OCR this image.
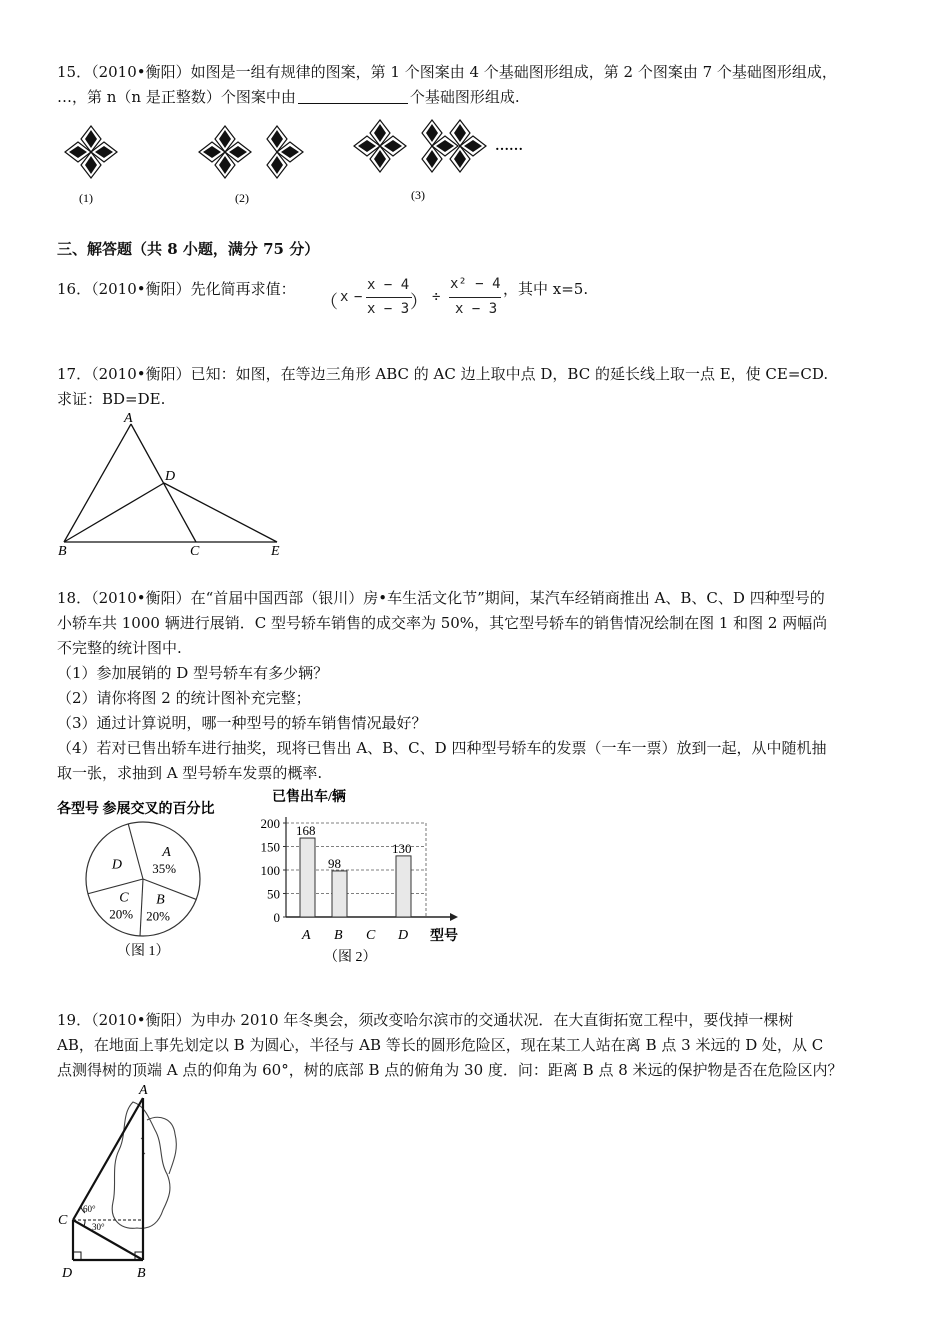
15．（2010•衡阳）如图是一组有规律的图案，第 1 个图案由 4 个基础图形组成，第 2 个图案由 7 个基础图形组成，
…，第 n（n 是正整数）个图案中由	个基础图形组成.
(1)	(2)	(3)
……
三、解答题（共 8 小题，满分 75 分）
16．（2010•衡阳）先化简再求值：
（ x −
x − 4
x − 3 ） ÷
x² − 4
x − 3
，其中 x=5.
17．（2010•衡阳）已知：如图，在等边三角形 ABC 的 AC 边上取中点 D，BC 的延长线上取一点 E，使 CE=CD.
求证：BD=DE.
A
D
B	C	E
18．（2010•衡阳）在“首届中国西部（银川）房•车生活文化节”期间，某汽车经销商推出 A、B、C、D 四种型号的
小轿车共 1000 辆进行展销．C 型号轿车销售的成交率为 50%，其它型号轿车的销售情况绘制在图 1 和图 2 两幅尚
不完整的统计图中.
（1）参加展销的 D 型号轿车有多少辆？
（2）请你将图 2 的统计图补充完整；
（3）通过计算说明，哪一种型号的轿车销售情况最好？
（4）若对已售出轿车进行抽奖，现将已售出 A、B、C、D 四种型号轿车的发票（一车一票）放到一起，从中随机抽
取一张，求抽到 A 型号轿车发票的概率.
各型号 参展交叉的百分比
A
35%
B
20%
C
20%
D
（图 1）
已售出车/辆
0
50
100
150
200 168
98
130
A B C D 型号
（图 2）
19．（2010•衡阳）为申办 2010 年冬奥会，须改变哈尔滨市的交通状况．在大直街拓宽工程中，要伐掉一棵树
AB，在地面上事先划定以 B 为圆心，半径与 AB 等长的圆形危险区，现在某工人站在离 B 点 3 米远的 D 处，从 C
点测得树的顶端 A 点的仰角为 60°，树的底部 B 点的俯角为 30 度．问：距离 B 点 8 米远的保护物是否在危险区内？
A
C
D	B
60°
30°
